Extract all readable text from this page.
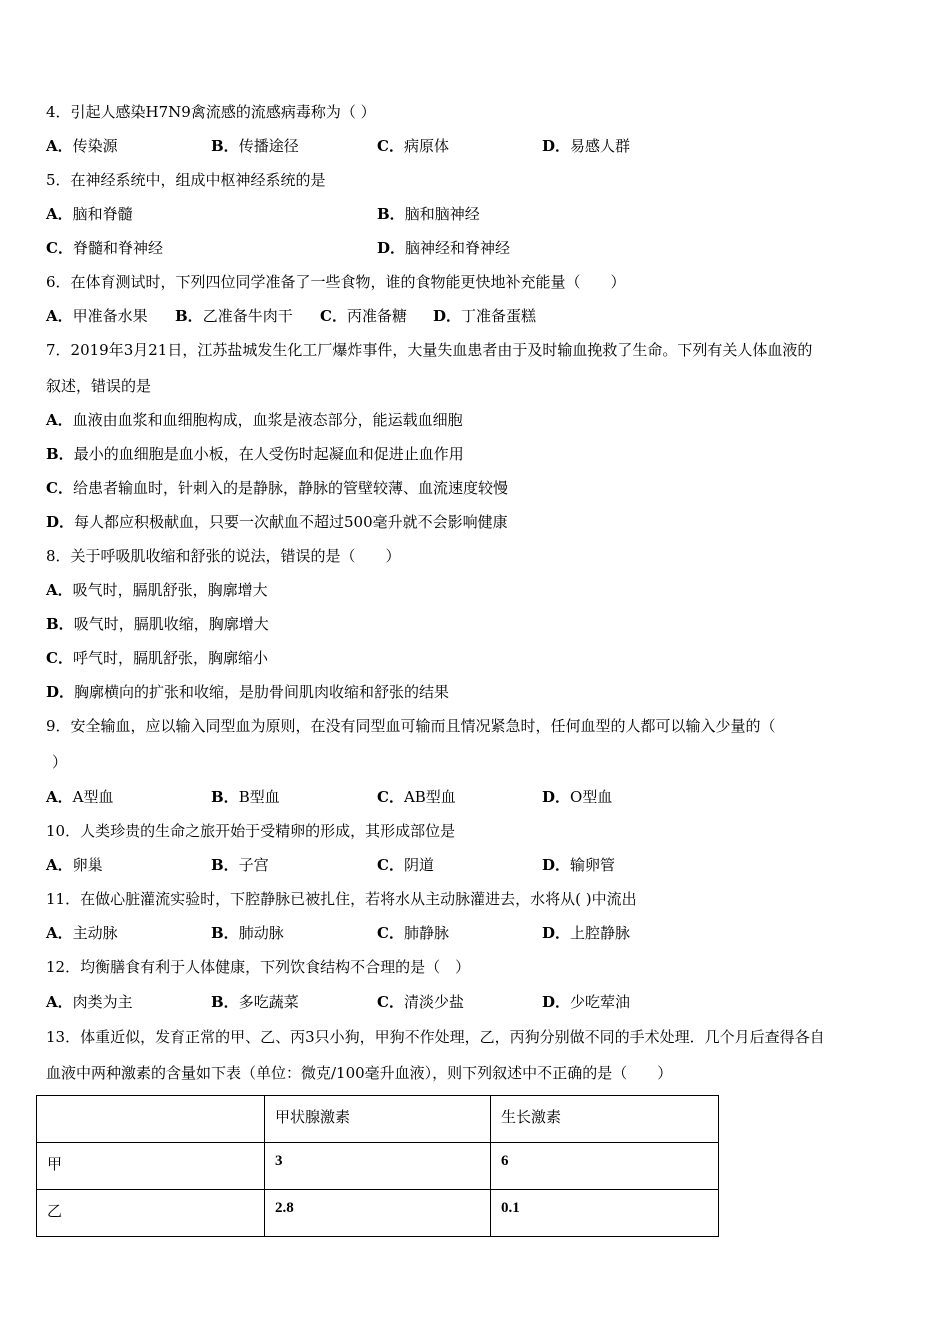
4．引起人感染H7N9禽流感的流感病毒称为（ ）
A．传染源	B．传播途径	C．病原体	D．易感人群
5．在神经系统中，组成中枢神经系统的是
A．脑和脊髓	B．脑和脑神经
C．脊髓和脊神经	D．脑神经和脊神经
6．在体育测试时，下列四位同学准备了一些食物，谁的食物能更快地补充能量（　　）
A．甲准备水果 B．乙准备牛肉干 C．丙准备糖 D．丁准备蛋糕
7．2019年3月21日，江苏盐城发生化工厂爆炸事件，大量失血患者由于及时输血挽救了生命。下列有关人体血液的
叙述，错误的是
A．血液由血浆和血细胞构成，血浆是液态部分，能运载血细胞
B．最小的血细胞是血小板，在人受伤时起凝血和促进止血作用
C．给患者输血时，针刺入的是静脉，静脉的管壁较薄、血流速度较慢
D．每人都应积极献血，只要一次献血不超过500毫升就不会影响健康
8．关于呼吸肌收缩和舒张的说法，错误的是（　　）
A．吸气时，膈肌舒张，胸廓增大
B．吸气时，膈肌收缩，胸廓增大
C．呼气时，膈肌舒张，胸廓缩小
D．胸廓横向的扩张和收缩，是肋骨间肌肉收缩和舒张的结果
9．安全输血，应以输入同型血为原则，在没有同型血可输而且情况紧急时，任何血型的人都可以输入少量的（
）
A．A型血	B．B型血	C．AB型血	D．O型血
10．人类珍贵的生命之旅开始于受精卵的形成，其形成部位是
A．卵巢	B．子宫	C．阴道	D．输卵管
11．在做心脏灌流实验时，下腔静脉已被扎住，若将水从主动脉灌进去，水将从( )中流出
A．主动脉	B．肺动脉	C．肺静脉	D．上腔静脉
12．均衡膳食有利于人体健康，下列饮食结构不合理的是（　）
A．肉类为主	B．多吃蔬菜	C．清淡少盐	D．少吃荤油
13．体重近似，发育正常的甲、乙、丙3只小狗，甲狗不作处理，乙，丙狗分别做不同的手术处理．几个月后查得各自
血液中两种激素的含量如下表（单位：微克/100毫升血液），则下列叙述中不正确的是（　　）
	甲状腺激素	生长激素
甲	3	6
乙	2.8	0.1
